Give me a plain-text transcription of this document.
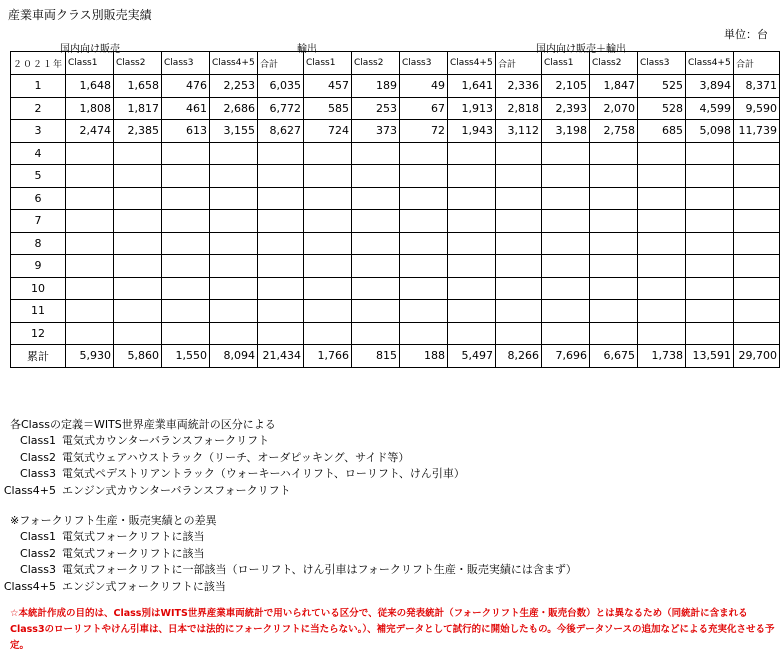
産業車両クラス別販売実績
単位：台
国内向け販売	輸出	国内向け販売＋輸出
２０２１年	Class1	Class2	Class3	Class4+5	合計	Class1	Class2	Class3	Class4+5	合計	Class1	Class2	Class3	Class4+5	合計
1	1,648	1,658	476	2,253	6,035	457	189	49	1,641	2,336	2,105	1,847	525	3,894	8,371
2	1,808	1,817	461	2,686	6,772	585	253	67	1,913	2,818	2,393	2,070	528	4,599	9,590
3	2,474	2,385	613	3,155	8,627	724	373	72	1,943	3,112	3,198	2,758	685	5,098	11,739
4															
5															
6															
7															
8															
9															
10															
11															
12															
累計	5,930	5,860	1,550	8,094	21,434	1,766	815	188	5,497	8,266	7,696	6,675	1,738	13,591	29,700
各Classの定義＝WITS世界産業車両統計の区分による
Class1 電気式カウンターバランスフォークリフト
Class2 電気式ウェアハウストラック（リーチ、オーダピッキング、サイド等）
Class3 電気式ペデストリアントラック（ウォーキーハイリフト、ローリフト、けん引車）
Class4+5 エンジン式カウンターバランスフォークリフト
※フォークリフト生産・販売実績との差異
Class1 電気式フォークリフトに該当
Class2 電気式フォークリフトに該当
Class3 電気式フォークリフトに一部該当（ローリフト、けん引車はフォークリフト生産・販売実績には含まず）
Class4+5 エンジン式フォークリフトに該当
☆本統計作成の目的は、Class別はWITS世界産業車両統計で用いられている区分で、従来の発表統計（フォークリフト生産・販売台数）とは異なるため（同統計に含まれるClass3のローリフトやけん引車は、日本では法的にフォークリフトに当たらない。）、補完データとして試行的に開始したもの。今後データソースの追加などによる充実化させる予定。
